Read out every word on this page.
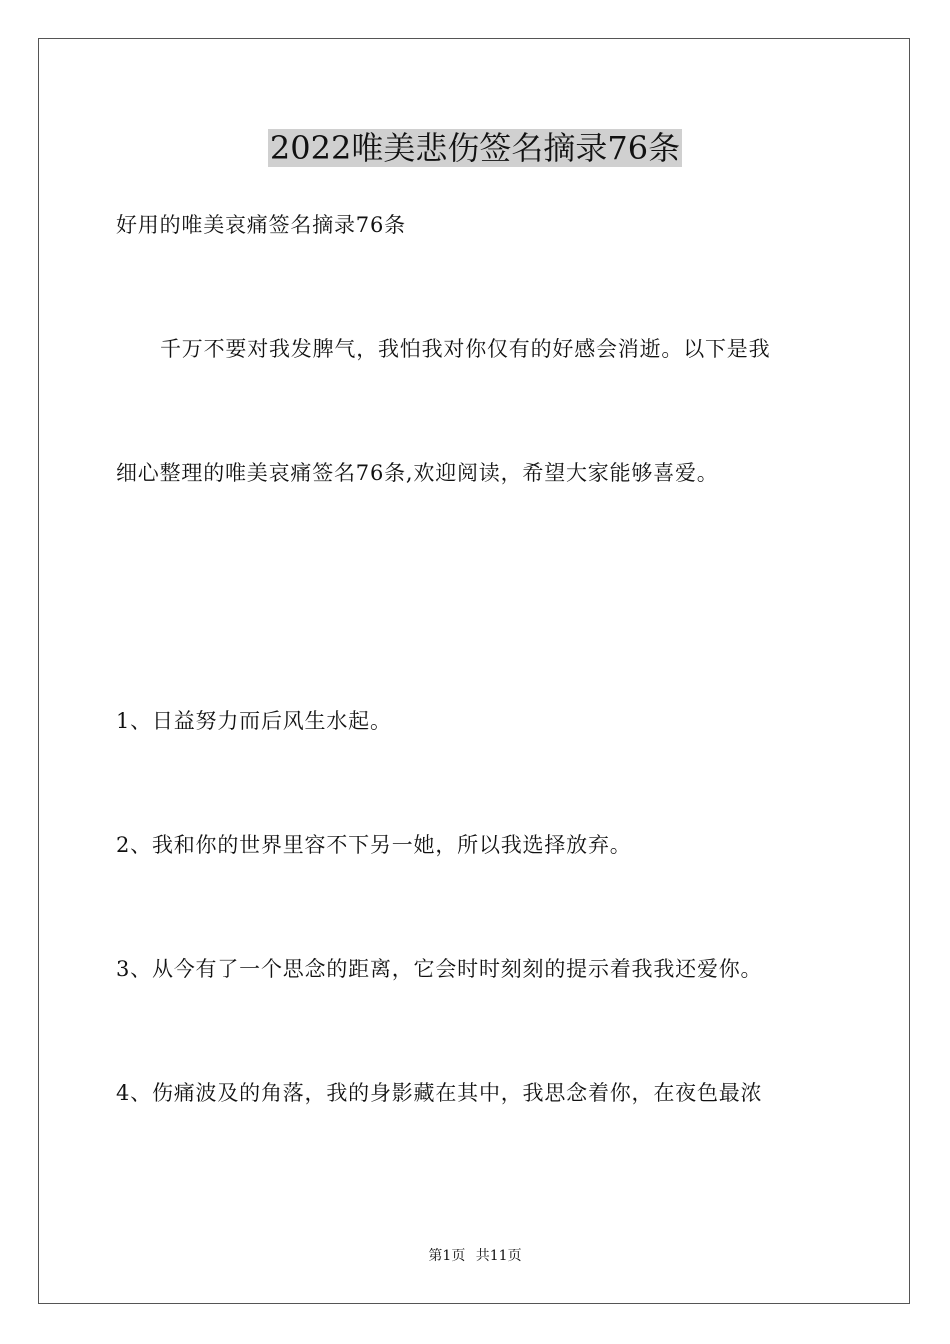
2022唯美悲伤签名摘录76条
好用的唯美哀痛签名摘录76条
千万不要对我发脾气，我怕我对你仅有的好感会消逝。以下是我
细心整理的唯美哀痛签名76条,欢迎阅读，希望大家能够喜爱。
1、日益努力而后风生水起。
2、我和你的世界里容不下另一她，所以我选择放弃。
3、从今有了一个思念的距离，它会时时刻刻的提示着我我还爱你。
4、伤痛波及的角落，我的身影藏在其中，我思念着你，在夜色最浓
第1页 共11页
